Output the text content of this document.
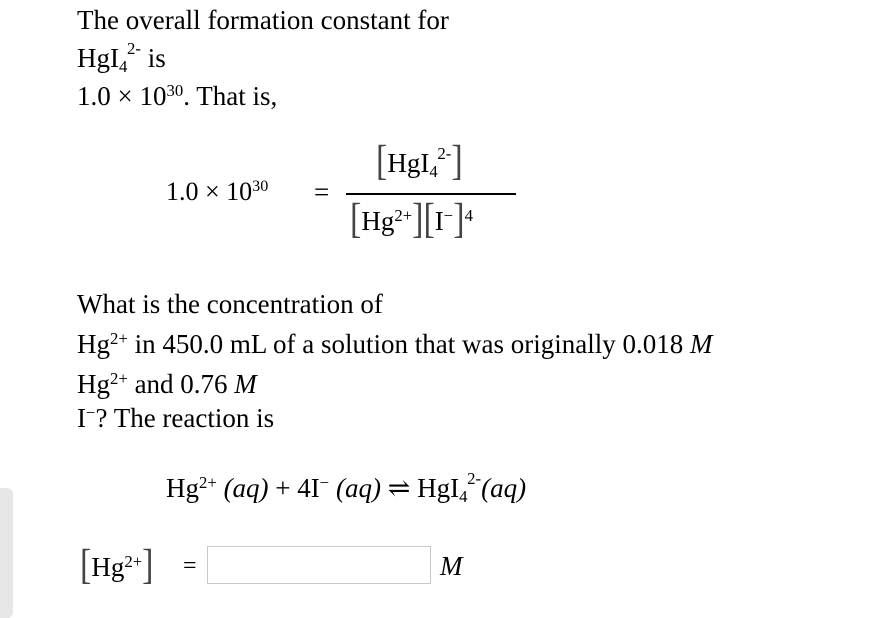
The overall formation constant for
HgI 4
2- is
$1.0 \times 10^{30}$. That is,
$1.0 \times 10^{30}$ =
[HgI 4
2- ]
$[Hg^{2+}][I^-]^4$
What is the concentration of
$Hg^{2+}$ in 450.0 mL of a solution that was originally 0.018 M
$Hg^{2+}$ and 0.76 M
I−? The reaction is
$Hg^{2+}$ (aq) + 4I− (aq) ⇌ HgI 4
2- (aq)
$[Hg^{2+}]$ =	M
